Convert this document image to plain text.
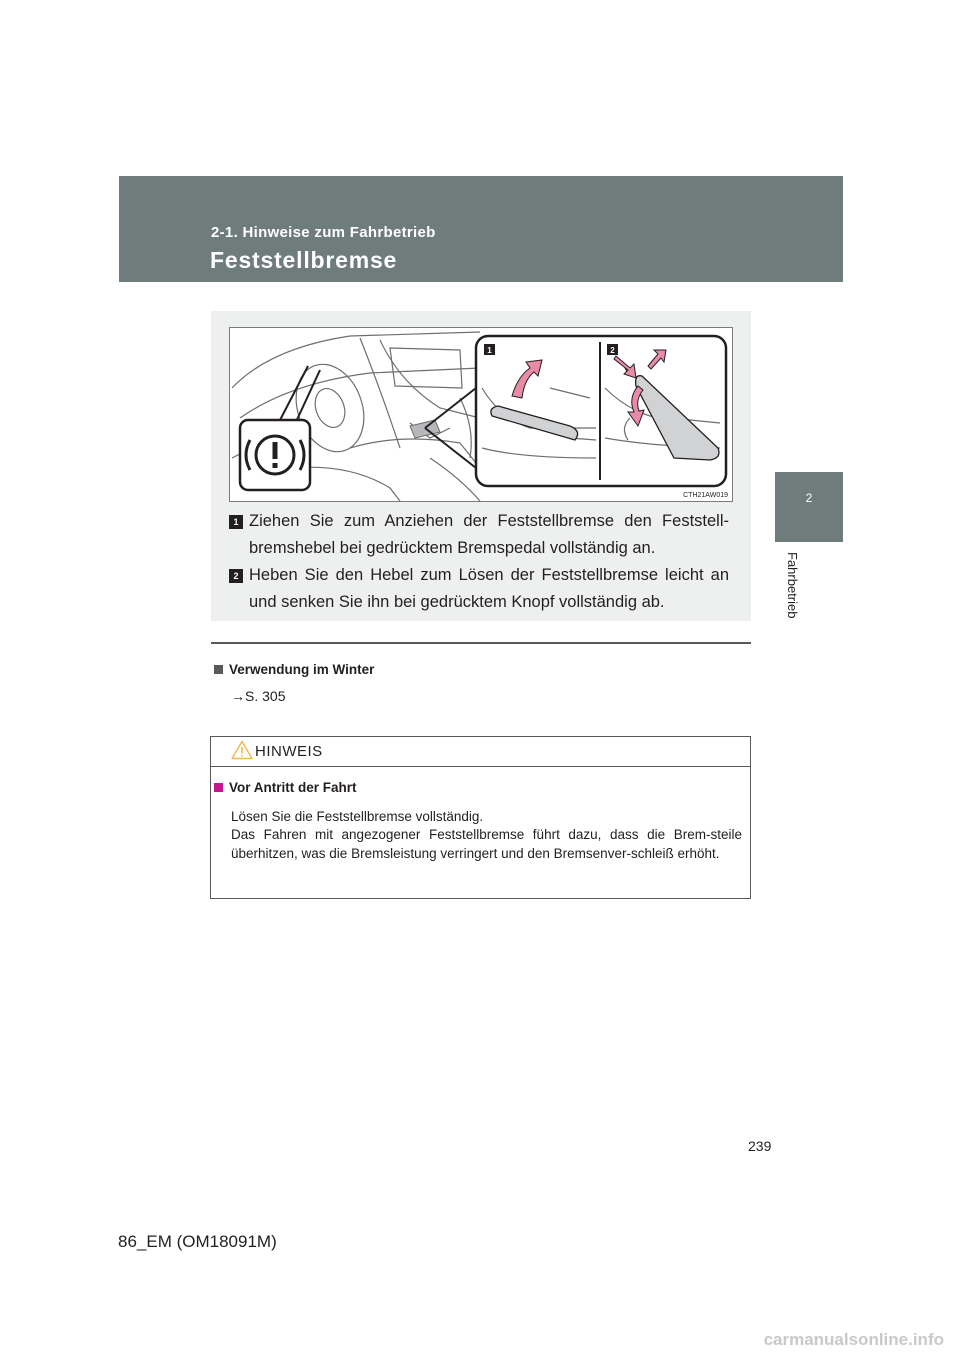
2-1. Hinweise zum Fahrbetrieb
Feststellbremse
2
Fahrbetrieb
1	2
CTH21AW019
1 Ziehen Sie zum Anziehen der Feststellbremse den Feststell-bremshebel bei gedrücktem Bremspedal vollständig an.
2 Heben Sie den Hebel zum Lösen der Feststellbremse leicht an und senken Sie ihn bei gedrücktem Knopf vollständig ab.
Verwendung im Winter
→S. 305
HINWEIS
Vor Antritt der Fahrt
Lösen Sie die Feststellbremse vollständig.
Das Fahren mit angezogener Feststellbremse führt dazu, dass die Brem-steile überhitzen, was die Bremsleistung verringert und den Bremsenver-schleiß erhöht.
239
86_EM (OM18091M)
carmanualsonline.info
